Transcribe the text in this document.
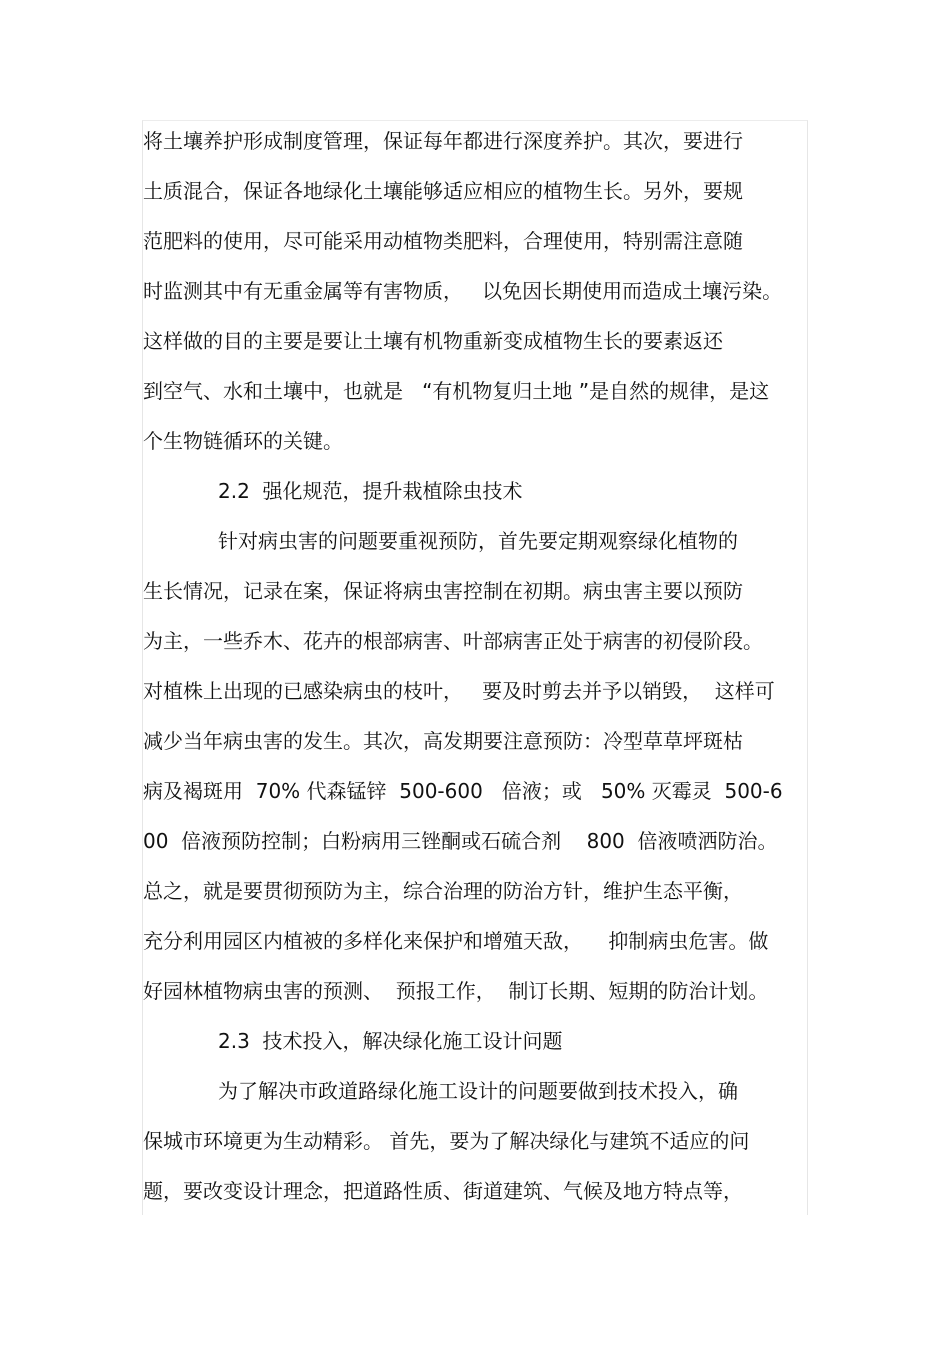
将土壤养护形成制度管理，保证每年都进行深度养护。其次，要进行
土质混合，保证各地绿化土壤能够适应相应的植物生长。另外，要规
范肥料的使用，尽可能采用动植物类肥料，合理使用，特别需注意随
时监测其中有无重金属等有害物质，   以免因长期使用而造成土壤污染。
这样做的目的主要是要让土壤有机物重新变成植物生长的要素返还
到空气、水和土壤中，也就是   “有机物复归土地 ”是自然的规律，是这
个生物链循环的关键。
2.2  强化规范，提升栽植除虫技术
针对病虫害的问题要重视预防，首先要定期观察绿化植物的
生长情况，记录在案，保证将病虫害控制在初期。病虫害主要以预防
为主，一些乔木、花卉的根部病害、叶部病害正处于病害的初侵阶段。
对植株上出现的已感染病虫的枝叶，   要及时剪去并予以销毁，  这样可
减少当年病虫害的发生。其次，高发期要注意预防：冷型草草坪斑枯
病及褐斑用  70% 代森锰锌  500-600   倍液；或   50% 灭霉灵  500-6
00  倍液预防控制；白粉病用三锉酮或石硫合剂    800  倍液喷洒防治。
总之，就是要贯彻预防为主，综合治理的防治方针，维护生态平衡，
充分利用园区内植被的多样化来保护和增殖天敌，    抑制病虫危害。做
好园林植物病虫害的预测、  预报工作，  制订长期、短期的防治计划。
2.3  技术投入，解决绿化施工设计问题
为了解决市政道路绿化施工设计的问题要做到技术投入，确
保城市环境更为生动精彩。 首先，要为了解决绿化与建筑不适应的问
题，要改变设计理念，把道路性质、街道建筑、气候及地方特点等，
